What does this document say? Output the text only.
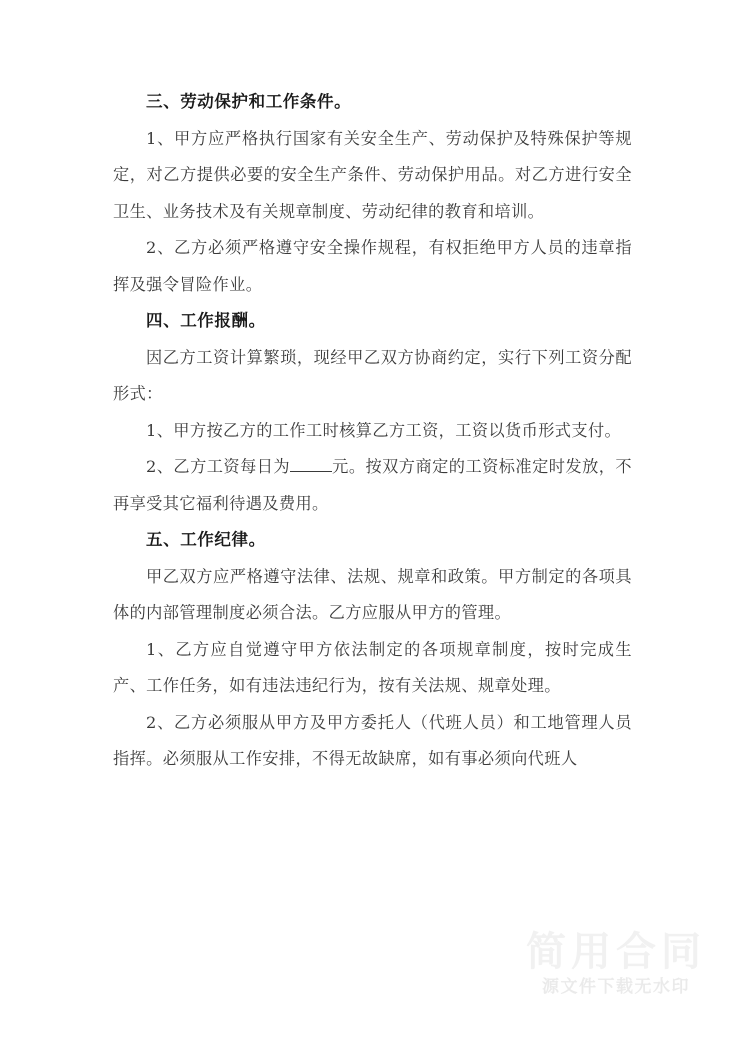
三、劳动保护和工作条件。

1、甲方应严格执行国家有关安全生产、劳动保护及特殊保护等规定，对乙方提供必要的安全生产条件、劳动保护用品。对乙方进行安全卫生、业务技术及有关规章制度、劳动纪律的教育和培训。

2、乙方必须严格遵守安全操作规程，有权拒绝甲方人员的违章指挥及强令冒险作业。

四、工作报酬。

因乙方工资计算繁琐，现经甲乙双方协商约定，实行下列工资分配形式：

1、甲方按乙方的工作工时核算乙方工资，工资以货币形式支付。

2、乙方工资每日为	元。按双方商定的工资标准定时发放，不再享受其它福利待遇及费用。

五、工作纪律。

甲乙双方应严格遵守法律、法规、规章和政策。甲方制定的各项具体的内部管理制度必须合法。乙方应服从甲方的管理。

1、乙方应自觉遵守甲方依法制定的各项规章制度，按时完成生产、工作任务，如有违法违纪行为，按有关法规、规章处理。

2、乙方必须服从甲方及甲方委托人（代班人员）和工地管理人员指挥。必须服从工作安排，不得无故缺席，如有事必须向代班人

简用合同
源文件下载无水印
